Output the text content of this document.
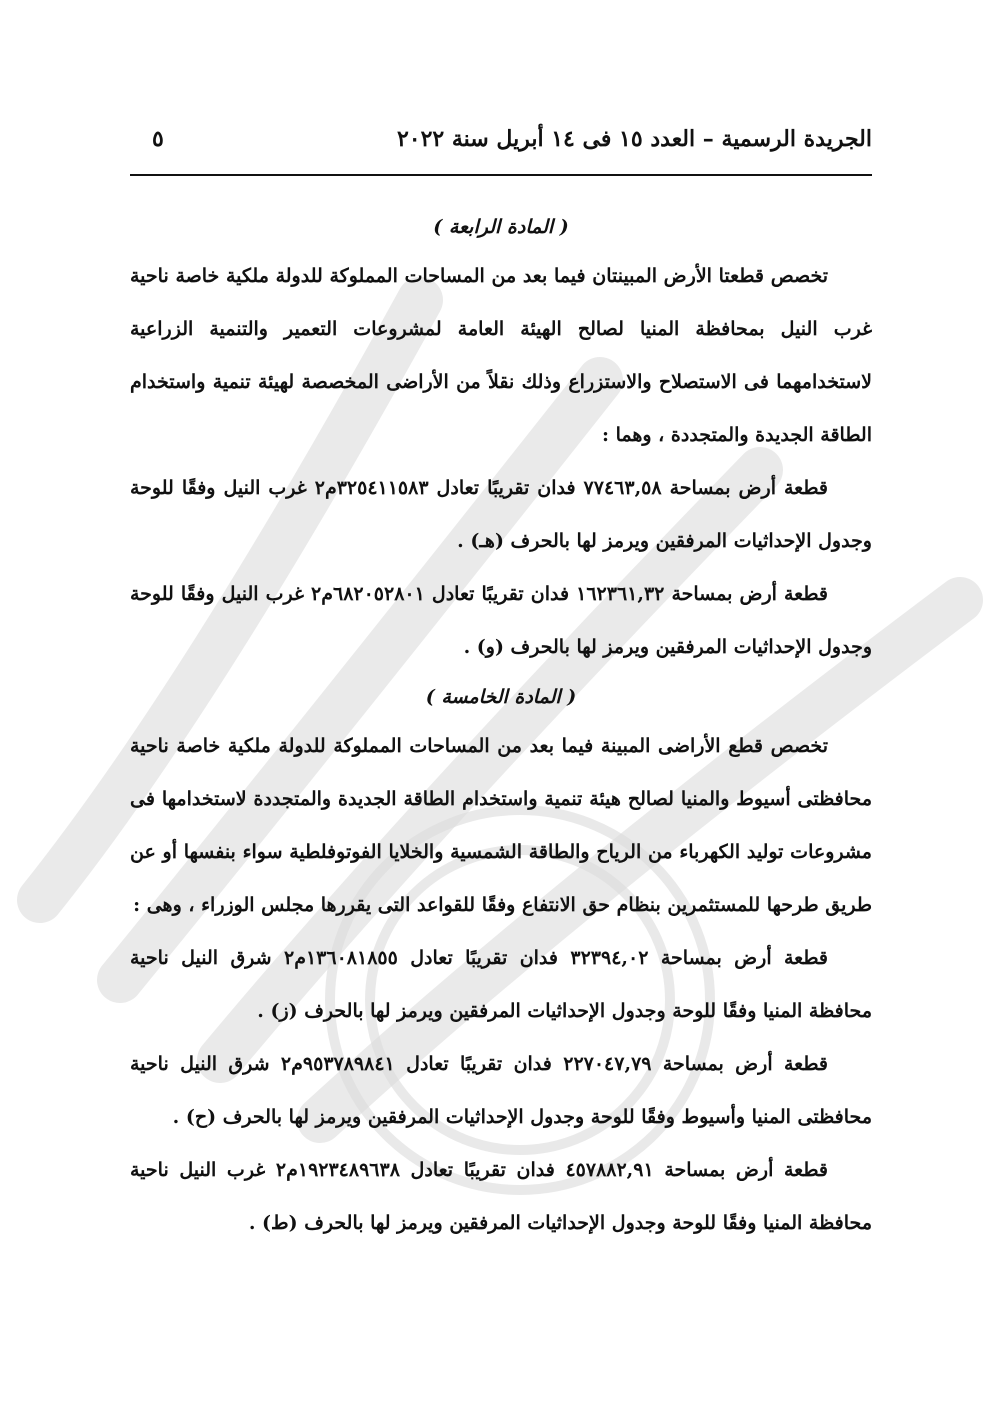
الجريدة الرسمية – العدد ١٥ فى ١٤ أبريل سنة ٢٠٢٢
٥

( المادة الرابعة )

تخصص قطعتا الأرض المبينتان فيما بعد من المساحات المملوكة للدولة ملكية خاصة ناحية غرب النيل بمحافظة المنيا لصالح الهيئة العامة لمشروعات التعمير والتنمية الزراعية لاستخدامهما فى الاستصلاح والاستزراع وذلك نقلاً من الأراضى المخصصة لهيئة تنمية واستخدام الطاقة الجديدة والمتجددة ، وهما :

قطعة أرض بمساحة ٧٧٤٦٣,٥٨ فدان تقريبًا تعادل ٣٢٥٤١١٥٨٣م٢ غرب النيل وفقًا للوحة وجدول الإحداثيات المرفقين ويرمز لها بالحرف (هـ) .

قطعة أرض بمساحة ١٦٢٣٦١,٣٢ فدان تقريبًا تعادل ٦٨٢٠٥٢٨٠١م٢ غرب النيل وفقًا للوحة وجدول الإحداثيات المرفقين ويرمز لها بالحرف (و) .

( المادة الخامسة )

تخصص قطع الأراضى المبينة فيما بعد من المساحات المملوكة للدولة ملكية خاصة ناحية محافظتى أسيوط والمنيا لصالح هيئة تنمية واستخدام الطاقة الجديدة والمتجددة لاستخدامها فى مشروعات توليد الكهرباء من الرياح والطاقة الشمسية والخلايا الفوتوفلطية سواء بنفسها أو عن طريق طرحها للمستثمرين بنظام حق الانتفاع وفقًا للقواعد التى يقررها مجلس الوزراء ، وهى :

قطعة أرض بمساحة ٣٢٣٩٤,٠٢ فدان تقريبًا تعادل ١٣٦٠٨١٨٥٥م٢ شرق النيل ناحية محافظة المنيا وفقًا للوحة وجدول الإحداثيات المرفقين ويرمز لها بالحرف (ز) .

قطعة أرض بمساحة ٢٢٧٠٤٧,٧٩ فدان تقريبًا تعادل ٩٥٣٧٨٩٨٤١م٢ شرق النيل ناحية محافظتى المنيا وأسيوط وفقًا للوحة وجدول الإحداثيات المرفقين ويرمز لها بالحرف (ح) .

قطعة أرض بمساحة ٤٥٧٨٨٢,٩١ فدان تقريبًا تعادل ١٩٢٣٤٨٩٦٣٨م٢ غرب النيل ناحية محافظة المنيا وفقًا للوحة وجدول الإحداثيات المرفقين ويرمز لها بالحرف (ط) .
